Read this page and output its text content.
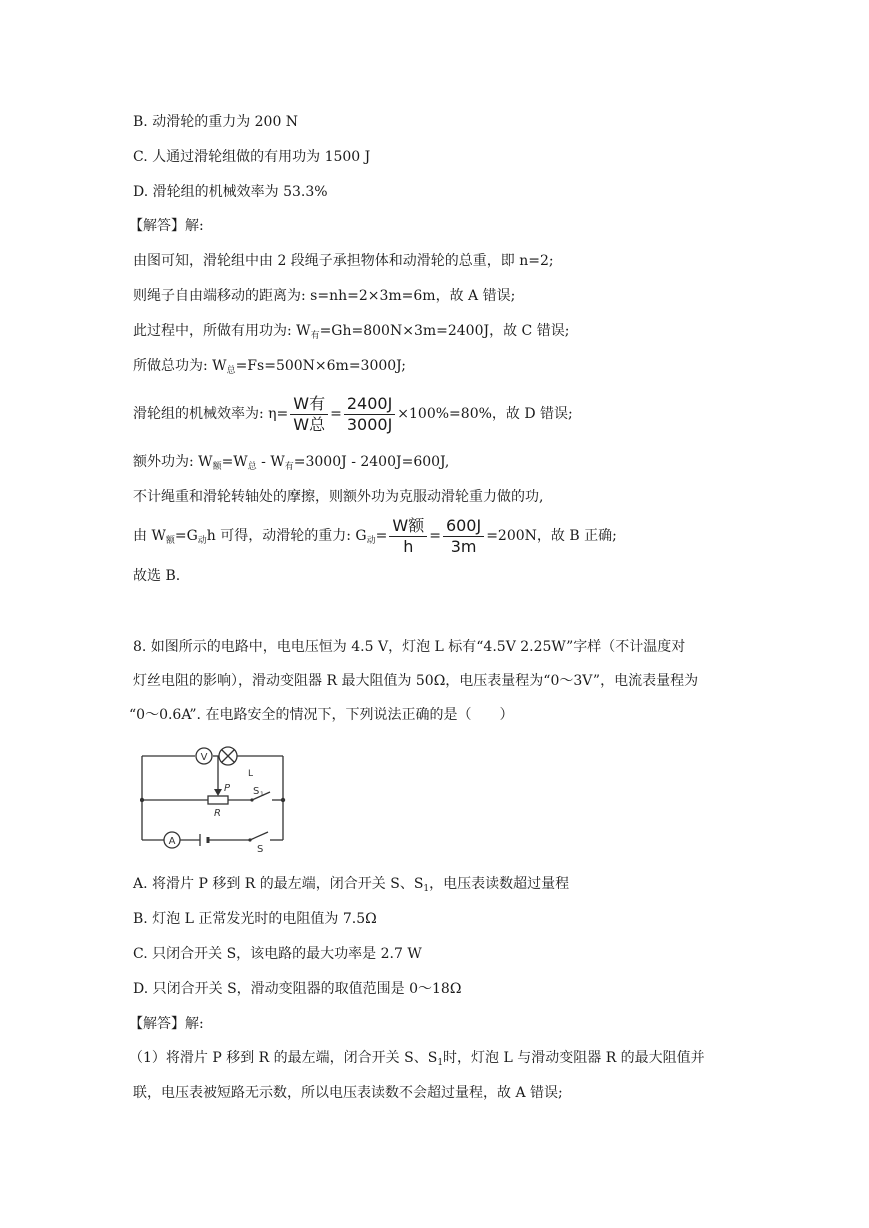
B. 动滑轮的重力为 200 N
C. 人通过滑轮组做的有用功为 1500 J
D. 滑轮组的机械效率为 53.3%
【解答】解:
由图可知，滑轮组中由 2 段绳子承担物体和动滑轮的总重，即 n=2;
则绳子自由端移动的距离为: s=nh=2×3m=6m，故 A 错误;
此过程中，所做有用功为: $W_有=Gh=800N\times 3m=2400J$，故 C 错误;
所做总功为: $W_总=Fs=500N\times 6m=3000J$;
滑轮组的机械效率为: $\eta= \frac{\text{W有}}{\text{W总}} = \frac{2400J}{3000J} \times 100\%=80\%$，故 D 错误;
额外功为: $W_额=W_总 - W_有=3000J - 2400J=600J$,
不计绳重和滑轮转轴处的摩擦，则额外功为克服动滑轮重力做的功,
由 $W_额=G_动h$ 可得，动滑轮的重力: $G_动= \frac{\text{W额}}{h} = \frac{600J}{3m} =200N$，故 B 正确;
故选 B.
8. 如图所示的电路中，电电压恒为 4.5 V，灯泡 L 标有“4.5V 2.25W”字样（不计温度对
灯丝电阻的影响），滑动变阻器 R 最大阻值为 50Ω，电压表量程为“0～3V”，电流表量程为
“0～0.6A”. 在电路安全的情况下，下列说法正确的是（　　）
V
A
L
P
R
S 1
S
A. 将滑片 P 移到 R 的最左端，闭合开关 S、$S_1$，电压表读数超过量程
B. 灯泡 L 正常发光时的电阻值为 7.5Ω
C. 只闭合开关 S，该电路的最大功率是 2.7 W
D. 只闭合开关 S，滑动变阻器的取值范围是 0～18Ω
【解答】解:
（1）将滑片 P 移到 R 的最左端，闭合开关 S、$S_1$时，灯泡 L 与滑动变阻器 R 的最大阻值并
联，电压表被短路无示数，所以电压表读数不会超过量程，故 A 错误;
